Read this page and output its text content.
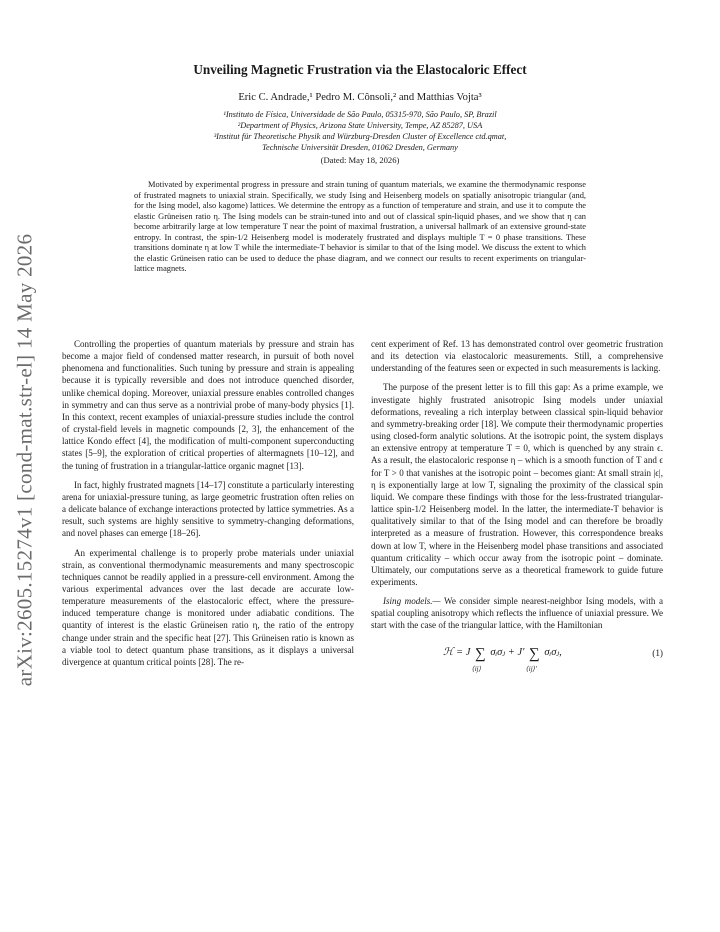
arXiv:2605.15274v1 [cond-mat.str-el] 14 May 2026
Unveiling Magnetic Frustration via the Elastocaloric Effect
Eric C. Andrade,¹ Pedro M. Cônsoli,² and Matthias Vojta³
¹Instituto de Física, Universidade de São Paulo, 05315-970, São Paulo, SP, Brazil
²Department of Physics, Arizona State University, Tempe, AZ 85287, USA
³Institut für Theoretische Physik and Würzburg-Dresden Cluster of Excellence ctd.qmat,
Technische Universität Dresden, 01062 Dresden, Germany
(Dated: May 18, 2026)
Motivated by experimental progress in pressure and strain tuning of quantum materials, we examine the thermodynamic response of frustrated magnets to uniaxial strain. Specifically, we study Ising and Heisenberg models on spatially anisotropic triangular (and, for the Ising model, also kagome) lattices. We determine the entropy as a function of temperature and strain, and use it to compute the elastic Grüneisen ratio η. The Ising models can be strain-tuned into and out of classical spin-liquid phases, and we show that η can become arbitrarily large at low temperature T near the point of maximal frustration, a universal hallmark of an extensive ground-state entropy. In contrast, the spin-1/2 Heisenberg model is moderately frustrated and displays multiple T = 0 phase transitions. These transitions dominate η at low T while the intermediate-T behavior is similar to that of the Ising model. We discuss the extent to which the elastic Grüneisen ratio can be used to deduce the phase diagram, and we connect our results to recent experiments on triangular-lattice magnets.

Controlling the properties of quantum materials by pressure and strain has become a major field of condensed matter research, in pursuit of both novel phenomena and functionalities. Such tuning by pressure and strain is appealing because it is typically reversible and does not introduce quenched disorder, unlike chemical doping. Moreover, uniaxial pressure enables controlled changes in symmetry and can thus serve as a nontrivial probe of many-body physics [1]. In this context, recent examples of uniaxial-pressure studies include the control of crystal-field levels in magnetic compounds [2, 3], the enhancement of the lattice Kondo effect [4], the modification of multi-component superconducting states [5–9], the exploration of critical properties of altermagnets [10–12], and the tuning of frustration in a triangular-lattice organic magnet [13].

In fact, highly frustrated magnets [14–17] constitute a particularly interesting arena for uniaxial-pressure tuning, as large geometric frustration often relies on a delicate balance of exchange interactions protected by lattice symmetries. As a result, such systems are highly sensitive to symmetry-changing deformations, and novel phases can emerge [18–26].

An experimental challenge is to properly probe materials under uniaxial strain, as conventional thermodynamic measurements and many spectroscopic techniques cannot be readily applied in a pressure-cell environment. Among the various experimental advances over the last decade are accurate low-temperature measurements of the elastocaloric effect, where the pressure-induced temperature change is monitored under adiabatic conditions. The quantity of interest is the elastic Grüneisen ratio η, the ratio of the entropy change under strain and the specific heat [27]. This Grüneisen ratio is known as a viable tool to detect quantum phase transitions, as it displays a universal divergence at quantum critical points [28]. The re-

cent experiment of Ref. 13 has demonstrated control over geometric frustration and its detection via elastocaloric measurements. Still, a comprehensive understanding of the features seen or expected in such measurements is lacking.

The purpose of the present letter is to fill this gap: As a prime example, we investigate highly frustrated anisotropic Ising models under uniaxial deformations, revealing a rich interplay between classical spin-liquid behavior and symmetry-breaking order [18]. We compute their thermodynamic properties using closed-form analytic solutions. At the isotropic point, the system displays an extensive entropy at temperature T = 0, which is quenched by any strain ϵ. As a result, the elastocaloric response η – which is a smooth function of T and ϵ for T > 0 that vanishes at the isotropic point – becomes giant: At small strain |ϵ|, η is exponentially large at low T, signaling the proximity of the classical spin liquid. We compare these findings with those for the less-frustrated triangular-lattice spin-1/2 Heisenberg model. In the latter, the intermediate-T behavior is qualitatively similar to that of the Ising model and can therefore be broadly interpreted as a measure of frustration. However, this correspondence breaks down at low T, where in the Heisenberg model phase transitions and associated quantum criticality – which occur away from the isotropic point – dominate. Ultimately, our computations serve as a theoretical framework to guide future experiments.

Ising models.— We consider simple nearest-neighbor Ising models, with a spatial coupling anisotropy which reflects the influence of uniaxial pressure. We start with the case of the triangular lattice, with the Hamiltonian

ℋ = J ∑
⟨ij⟩
σᵢσⱼ + J′ ∑
⟨ij⟩′
σᵢσⱼ,	(1)
